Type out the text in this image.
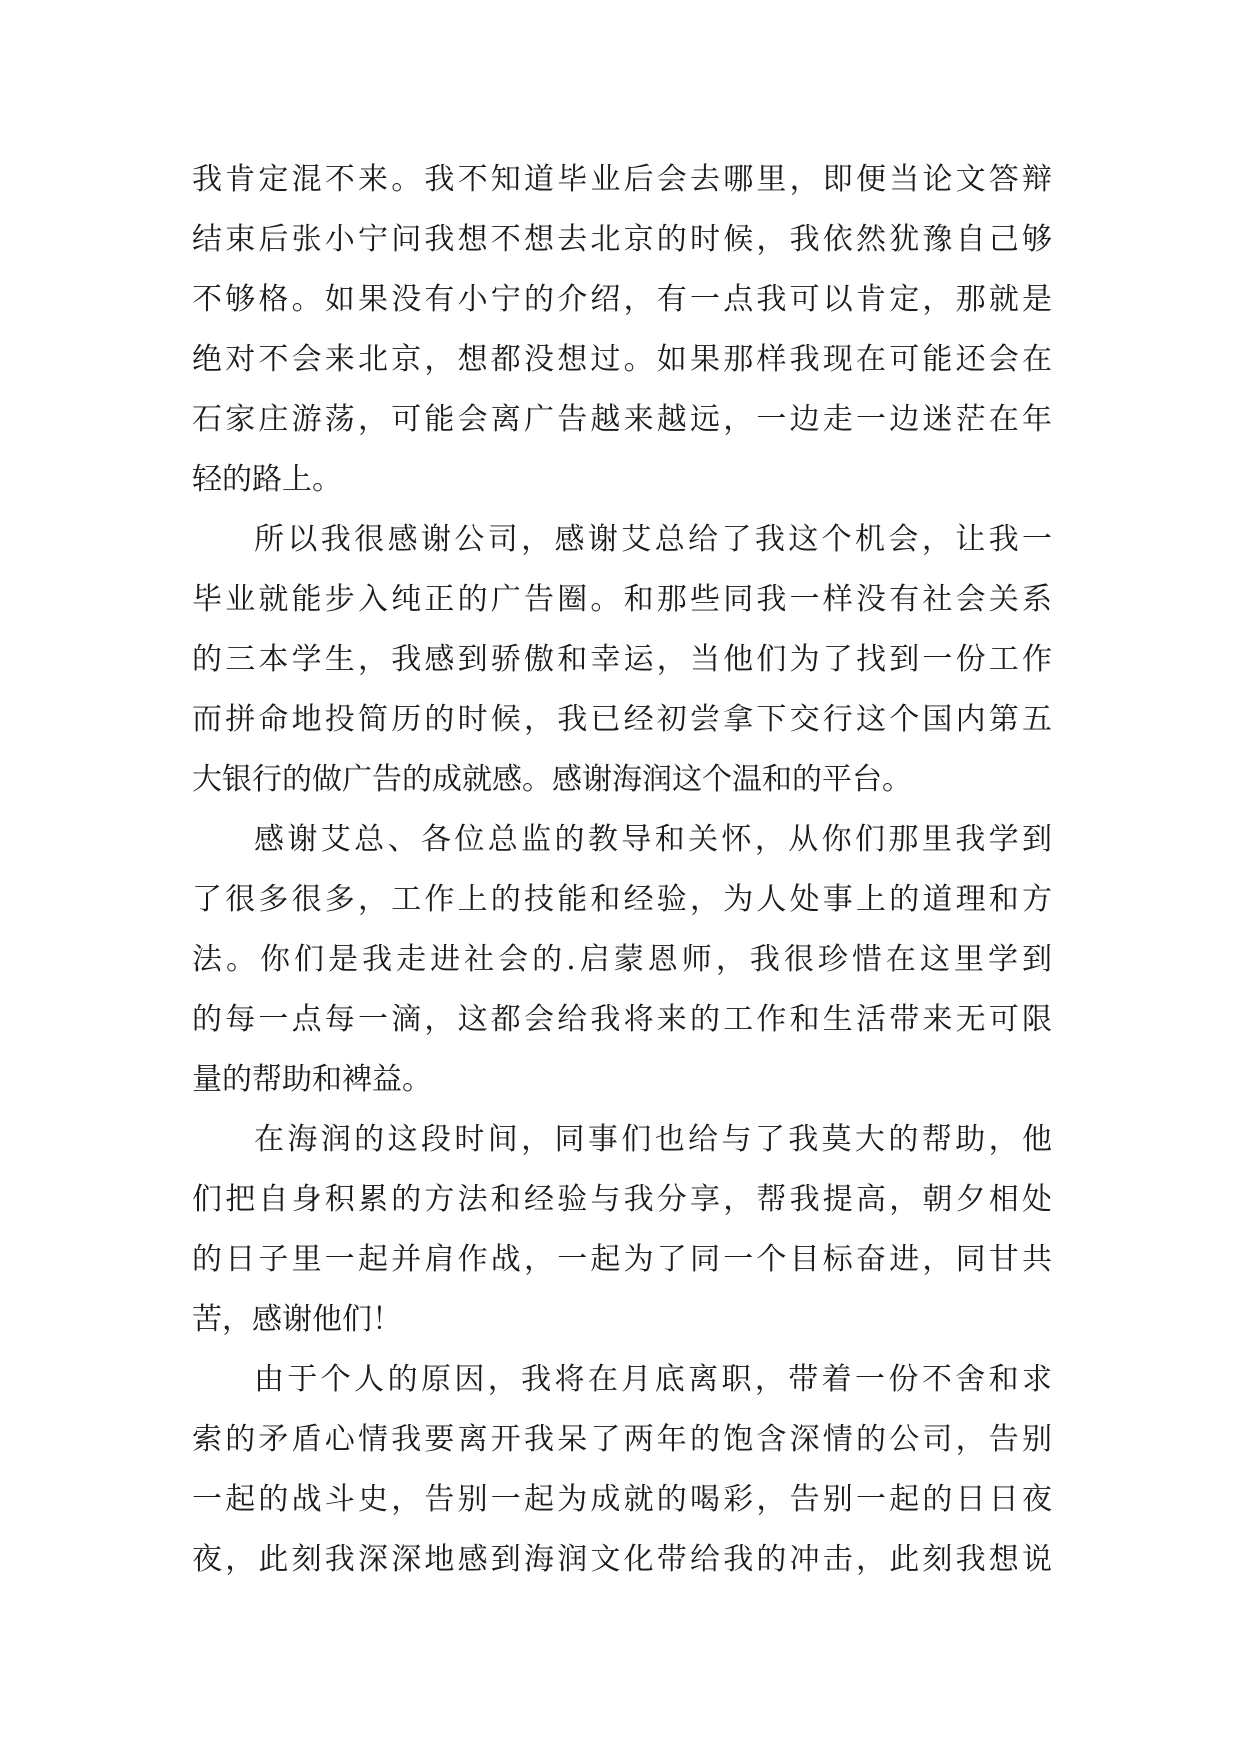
我肯定混不来。我不知道毕业后会去哪里，即便当论文答辩
结束后张小宁问我想不想去北京的时候，我依然犹豫自己够
不够格。如果没有小宁的介绍，有一点我可以肯定，那就是
绝对不会来北京，想都没想过。如果那样我现在可能还会在
石家庄游荡，可能会离广告越来越远，一边走一边迷茫在年
轻的路上。
所以我很感谢公司，感谢艾总给了我这个机会，让我一
毕业就能步入纯正的广告圈。和那些同我一样没有社会关系
的三本学生，我感到骄傲和幸运，当他们为了找到一份工作
而拼命地投简历的时候，我已经初尝拿下交行这个国内第五
大银行的做广告的成就感。感谢海润这个温和的平台。
感谢艾总、各位总监的教导和关怀，从你们那里我学到
了很多很多，工作上的技能和经验，为人处事上的道理和方
法。你们是我走进社会的.启蒙恩师，我很珍惜在这里学到
的每一点每一滴，这都会给我将来的工作和生活带来无可限
量的帮助和裨益。
在海润的这段时间，同事们也给与了我莫大的帮助，他
们把自身积累的方法和经验与我分享，帮我提高，朝夕相处
的日子里一起并肩作战，一起为了同一个目标奋进，同甘共
苦，感谢他们！
由于个人的原因，我将在月底离职，带着一份不舍和求
索的矛盾心情我要离开我呆了两年的饱含深情的公司，告别
一起的战斗史，告别一起为成就的喝彩，告别一起的日日夜
夜，此刻我深深地感到海润文化带给我的冲击，此刻我想说
